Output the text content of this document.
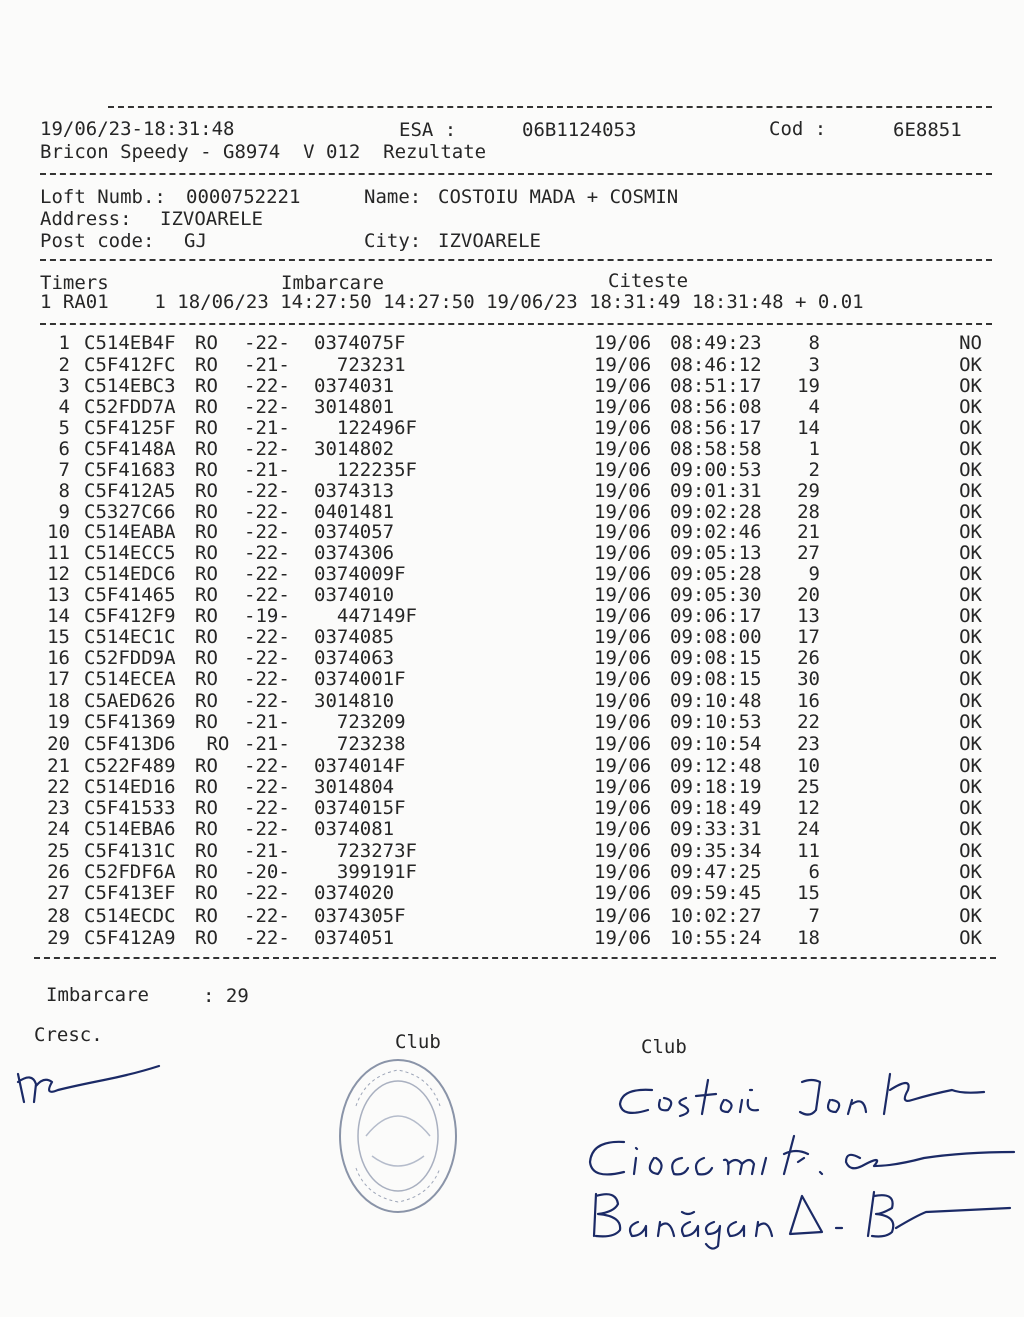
19/06/23-18:31:48	ESA :	06B1124053	Cod :	6E8851
Bricon Speedy - G8974  V 012  Rezultate
Loft Numb.: 0000752221	Name: COSTOIU MADA + COSMIN
Address: IZVOARELE
Post code: GJ	City: IZVOARELE
Timers	Imbarcare	Citeste
1 RA01    1 18/06/23 14:27:50 14:27:50 19/06/23 18:31:49 18:31:48 + 0.01
1 C514EB4F RO -22- 0374075F	19/06 08:49:23	8	NO
2 C5F412FC RO -21- 723231	19/06 08:46:12	3	OK
3 C514EBC3 RO -22- 0374031	19/06 08:51:17	19	OK
4 C52FDD7A RO -22- 3014801	19/06 08:56:08	4	OK
5 C5F4125F RO -21- 122496F	19/06 08:56:17	14	OK
6 C5F4148A RO -22- 3014802	19/06 08:58:58	1	OK
7 C5F41683 RO -21- 122235F	19/06 09:00:53	2	OK
8 C5F412A5 RO -22- 0374313	19/06 09:01:31	29	OK
9 C5327C66 RO -22- 0401481	19/06 09:02:28	28	OK
10 C514EABA RO -22- 0374057	19/06 09:02:46	21	OK
11 C514ECC5 RO -22- 0374306	19/06 09:05:13	27	OK
12 C514EDC6 RO -22- 0374009F	19/06 09:05:28	9	OK
13 C5F41465 RO -22- 0374010	19/06 09:05:30	20	OK
14 C5F412F9 RO -19- 447149F	19/06 09:06:17	13	OK
15 C514EC1C RO -22- 0374085	19/06 09:08:00	17	OK
16 C52FDD9A RO -22- 0374063	19/06 09:08:15	26	OK
17 C514ECEA RO -22- 0374001F	19/06 09:08:15	30	OK
18 C5AED626 RO -22- 3014810	19/06 09:10:48	16	OK
19 C5F41369 RO -21- 723209	19/06 09:10:53	22	OK
20 C5F413D6 RO -21- 723238	19/06 09:10:54	23	OK
21 C522F489 RO -22- 0374014F	19/06 09:12:48	10	OK
22 C514ED16 RO -22- 3014804	19/06 09:18:19	25	OK
23 C5F41533 RO -22- 0374015F	19/06 09:18:49	12	OK
24 C514EBA6 RO -22- 0374081	19/06 09:33:31	24	OK
25 C5F4131C RO -21- 723273F	19/06 09:35:34	11	OK
26 C52FDF6A RO -20- 399191F	19/06 09:47:25	6	OK
27 C5F413EF RO -22- 0374020	19/06 09:59:45	15	OK
28 C514ECDC RO -22- 0374305F	19/06 10:02:27	7	OK
29 C5F412A9 RO -22- 0374051	19/06 10:55:24	18	OK
Imbarcare	: 29
Cresc.	Club	Club
